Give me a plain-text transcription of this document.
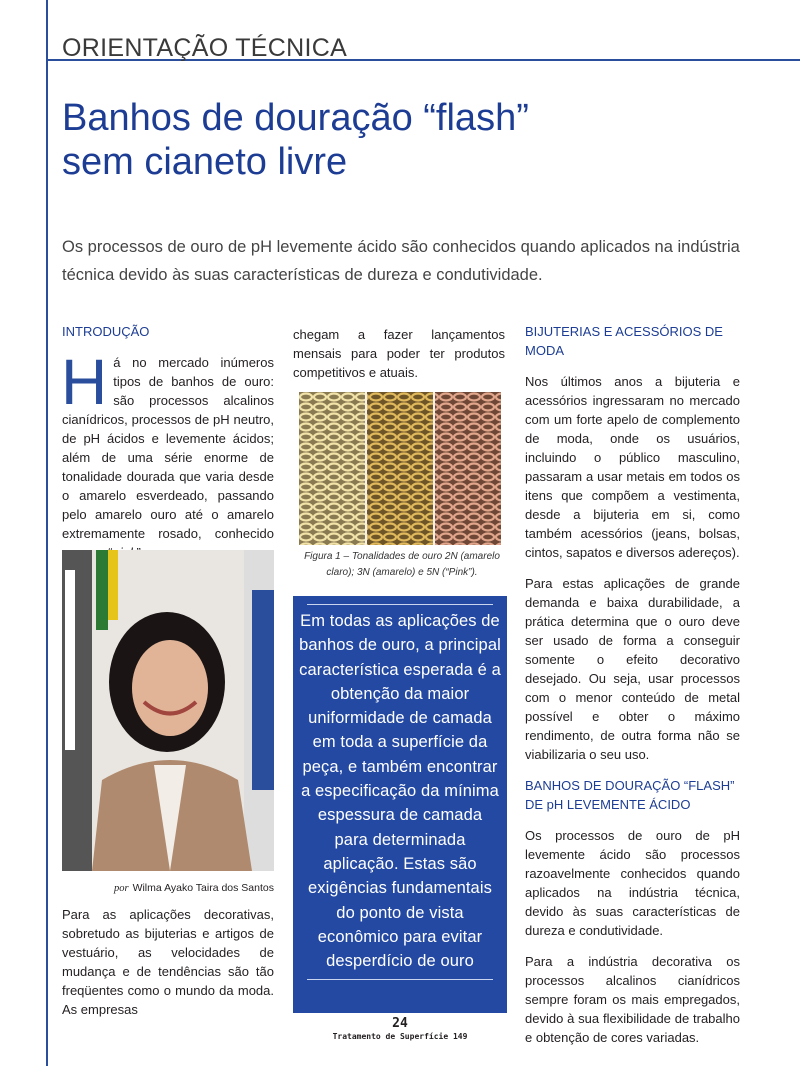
ORIENTAÇÃO TÉCNICA
Banhos de douração “flash”
sem cianeto livre

Os processos de ouro de pH levemente ácido são conhecidos quando aplicados na indústria técnica devido às suas características de dureza e condutividade.

INTRODUÇÃO

Há no mercado inúmeros tipos de banhos de ouro: são processos alcalinos cianídricos, processos de pH neutro, de pH ácidos e levemente ácidos; além de uma série enorme de tonalidade dourada que varia desde o amarelo esverdeado, passando pelo amarelo ouro até o amarelo extremamente rosado, conhecido

por Wilma Ayako Taira dos Santos

Para as aplicações decorativas, sobretudo as bijuterias e artigos de vestuário, as velocidades de mudança e de tendências são tão freqüentes como o mundo da moda. As empresas

chegam a fazer lançamentos mensais para poder ter produtos competitivos e atuais.

Figura 1 – Tonalidades de ouro 2N (amarelo claro); 3N (amarelo) e 5N (“Pink”).

Em todas as aplicações de banhos de ouro, a principal característica esperada é a obtenção da maior uniformidade de camada em toda a superfície da peça, e também encontrar a especificação da mínima espessura de camada para determinada aplicação. Estas são exigências fundamentais do ponto de vista econômico para evitar desperdício de ouro

BIJUTERIAS E ACESSÓRIOS DE MODA

Nos últimos anos a bijuteria e acessórios ingressaram no mercado com um forte apelo de complemento de moda, onde os usuários, incluindo o público masculino, passaram a usar metais em todos os itens que compõem a vestimenta, desde a bijuteria em si, como também acessórios (jeans, bolsas, cintos, sapatos e diversos adereços).

Para estas aplicações de grande demanda e baixa durabilidade, a prática determina que o ouro deve ser usado de forma a conseguir somente o efeito decorativo desejado. Ou seja, usar processos com o menor conteúdo de metal possível e obter o máximo rendimento, de outra forma não se viabilizaria o seu uso.

BANHOS DE DOURAÇÃO “FLASH” DE pH LEVEMENTE ÁCIDO

Os processos de ouro de pH levemente ácido são processos razoavelmente conhecidos quando aplicados na indústria técnica, devido às suas características de dureza e condutividade.

Para a indústria decorativa os processos alcalinos cianídricos sempre foram os mais empregados, devido à sua flexibilidade de trabalho e obtenção de cores variadas.

24
Tratamento de Superfície 149
